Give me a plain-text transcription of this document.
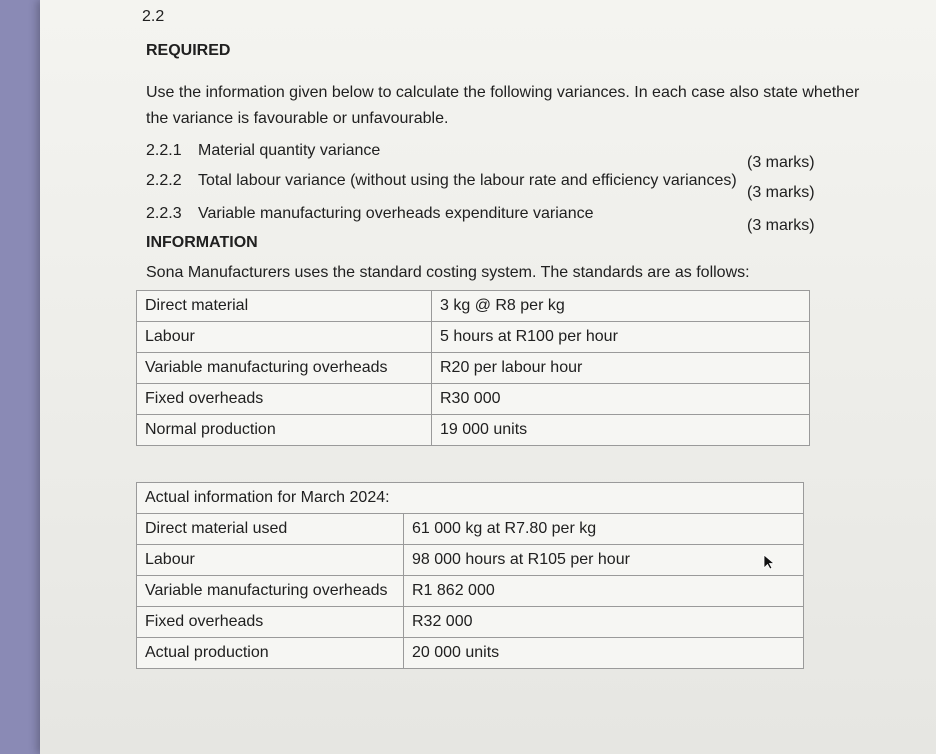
2.2
REQUIRED
Use the information given below to calculate the following variances. In each case also state whether
the variance is favourable or unfavourable.
2.2.1 Material quantity variance
(3 marks)
2.2.2 Total labour variance (without using the labour rate and efficiency variances)
(3 marks)
2.2.3 Variable manufacturing overheads expenditure variance
(3 marks)
INFORMATION
Sona Manufacturers uses the standard costing system. The standards are as follows:
Direct material	3 kg @ R8 per kg
Labour	5 hours at R100 per hour
Variable manufacturing overheads	R20 per labour hour
Fixed overheads	R30 000
Normal production	19 000 units
Actual information for March 2024:	
Direct material used	61 000 kg at R7.80 per kg
Labour	98 000 hours at R105 per hour
Variable manufacturing overheads	R1 862 000
Fixed overheads	R32 000
Actual production	20 000 units
